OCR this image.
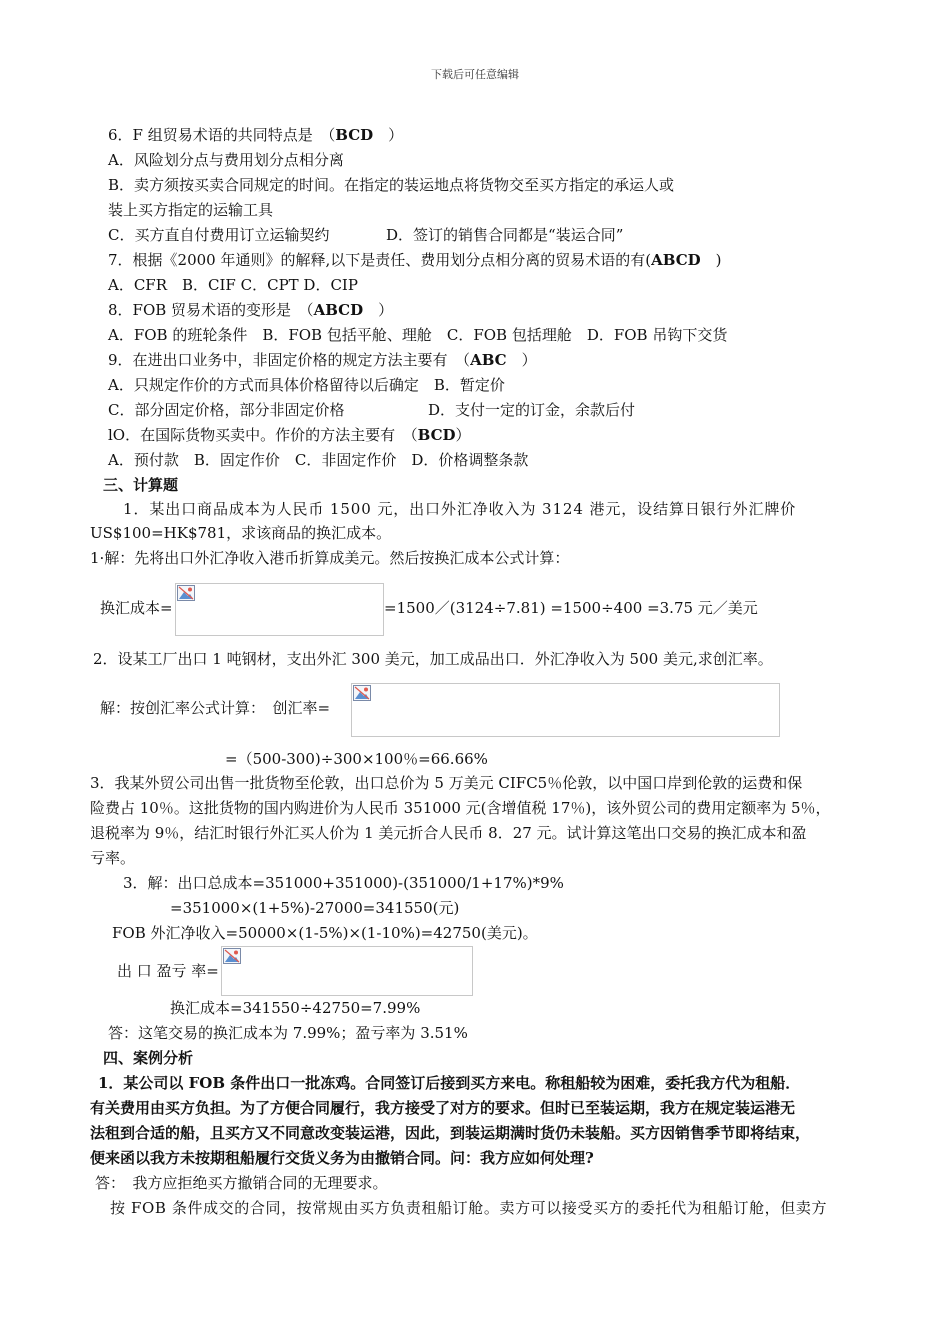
下载后可任意编辑
6．F 组贸易术语的共同特点是　（BCD　）
A．风险划分点与费用划分点相分离
B．卖方须按买卖合同规定的时间。在指定的装运地点将货物交至买方指定的承运人或
装上买方指定的运输工具
C．买方直自付费用订立运输契约	D．签订的销售合同都是“装运合同”
7．根据《2000 年通则》的解释,以下是责任、费用划分点相分离的贸易术语的有(ABCD　)
A．CFR　B．CIF C．CPT D．CIP
8．FOB 贸易术语的变形是　（ABCD　）
A．FOB 的班轮条件　B．FOB 包括平舱、理舱　C．FOB 包括理舱　D．FOB 吊钩下交货
9．在进出口业务中，非固定价格的规定方法主要有　（ABC　）
A．只规定作价的方式而具体价格留待以后确定　B．暂定价
C．部分固定价格，部分非固定价格	D．支付一定的订金，余款后付
lO．在国际货物买卖中。作价的方法主要有　（BCD）
A．预付款　B．固定作价　C．非固定作价　D．价格调整条款
三、计算题
1．某出口商品成本为人民币 1500 元，出口外汇净收入为 3124 港元，设结算日银行外汇牌价
US$100=HK$781，求该商品的换汇成本。
1·解：先将出口外汇净收入港币折算成美元。然后按换汇成本公式计算：
换汇成本=	=1500／(3124÷7.81) =1500÷400 =3.75 元／美元
2．设某工厂出口 1 吨钢材，支出外汇 300 美元，加工成品出口．外汇净收入为 500 美元,求创汇率。
解：按创汇率公式计算：　创汇率=
=（500-300)÷300×100％=66.66%
3．我某外贸公司出售一批货物至伦敦，出口总价为 5 万美元 CIFC5％伦敦，以中国口岸到伦敦的运费和保
险费占 10％。这批货物的国内购进价为人民币 351000 元(含增值税 17％)，该外贸公司的费用定额率为 5％，
退税率为 9％，结汇时银行外汇买人价为 1 美元折合人民币 8．27 元。试计算这笔出口交易的换汇成本和盈
亏率。
3．解：出口总成本=351000+351000)-(351000/1+17%)*9%
=351000×(1+5%)-27000=341550(元)
FOB 外汇净收入=50000×(1-5%)×(1-10%)=42750(美元)。
出 口 盈亏 率=
换汇成本=341550÷42750=7.99%
答：这笔交易的换汇成本为 7.99%；盈亏率为 3.51%
四、案例分析
1．某公司以 FOB 条件出口一批冻鸡。合同签订后接到买方来电。称租船较为困难，委托我方代为租船．
有关费用由买方负担。为了方便合同履行，我方接受了对方的要求。但时已至装运期，我方在规定装运港无
法租到合适的船，且买方又不同意改变装运港，因此，到装运期满时货仍未装船。买方因销售季节即将结束，
便来函以我方未按期租船履行交货义务为由撤销合同。问：我方应如何处理?
答：　我方应拒绝买方撤销合同的无理要求。
按 FOB 条件成交的合同，按常规由买方负责租船订舱。卖方可以接受买方的委托代为租船订舱，但卖方
